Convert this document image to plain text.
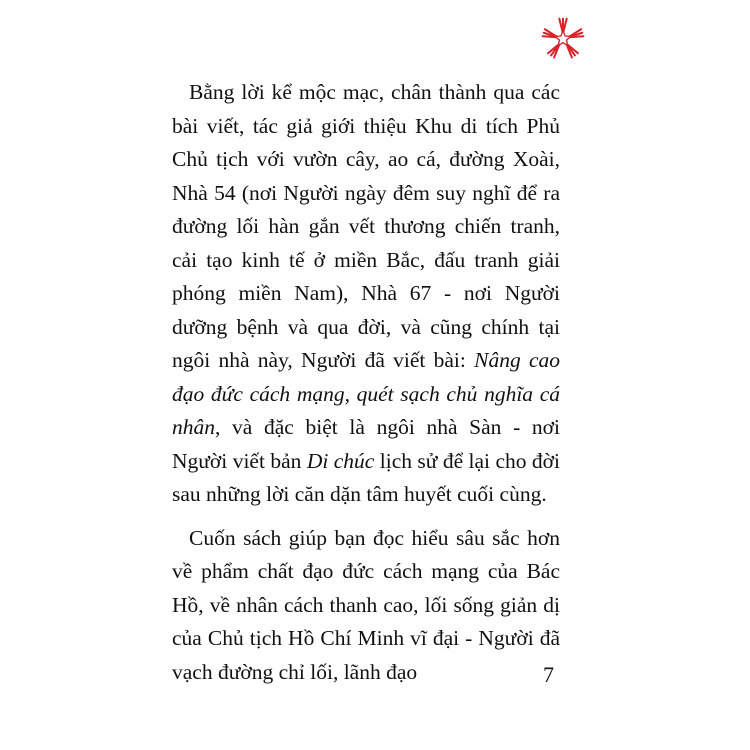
Bằng lời kể mộc mạc, chân thành qua các bài viết, tác giả giới thiệu Khu di tích Phủ Chủ tịch với vườn cây, ao cá, đường Xoài, Nhà 54 (nơi Người ngày đêm suy nghĩ để ra đường lối hàn gắn vết thương chiến tranh, cải tạo kinh tế ở miền Bắc, đấu tranh giải phóng miền Nam), Nhà 67 - nơi Người dưỡng bệnh và qua đời, và cũng chính tại ngôi nhà này, Người đã viết bài: Nâng cao đạo đức cách mạng, quét sạch chủ nghĩa cá nhân, và đặc biệt là ngôi nhà Sàn - nơi Người viết bản Di chúc lịch sử để lại cho đời sau những lời căn dặn tâm huyết cuối cùng.

Cuốn sách giúp bạn đọc hiểu sâu sắc hơn về phẩm chất đạo đức cách mạng của Bác Hồ, về nhân cách thanh cao, lối sống giản dị của Chủ tịch Hồ Chí Minh vĩ đại - Người đã vạch đường chỉ lối, lãnh đạo	7
